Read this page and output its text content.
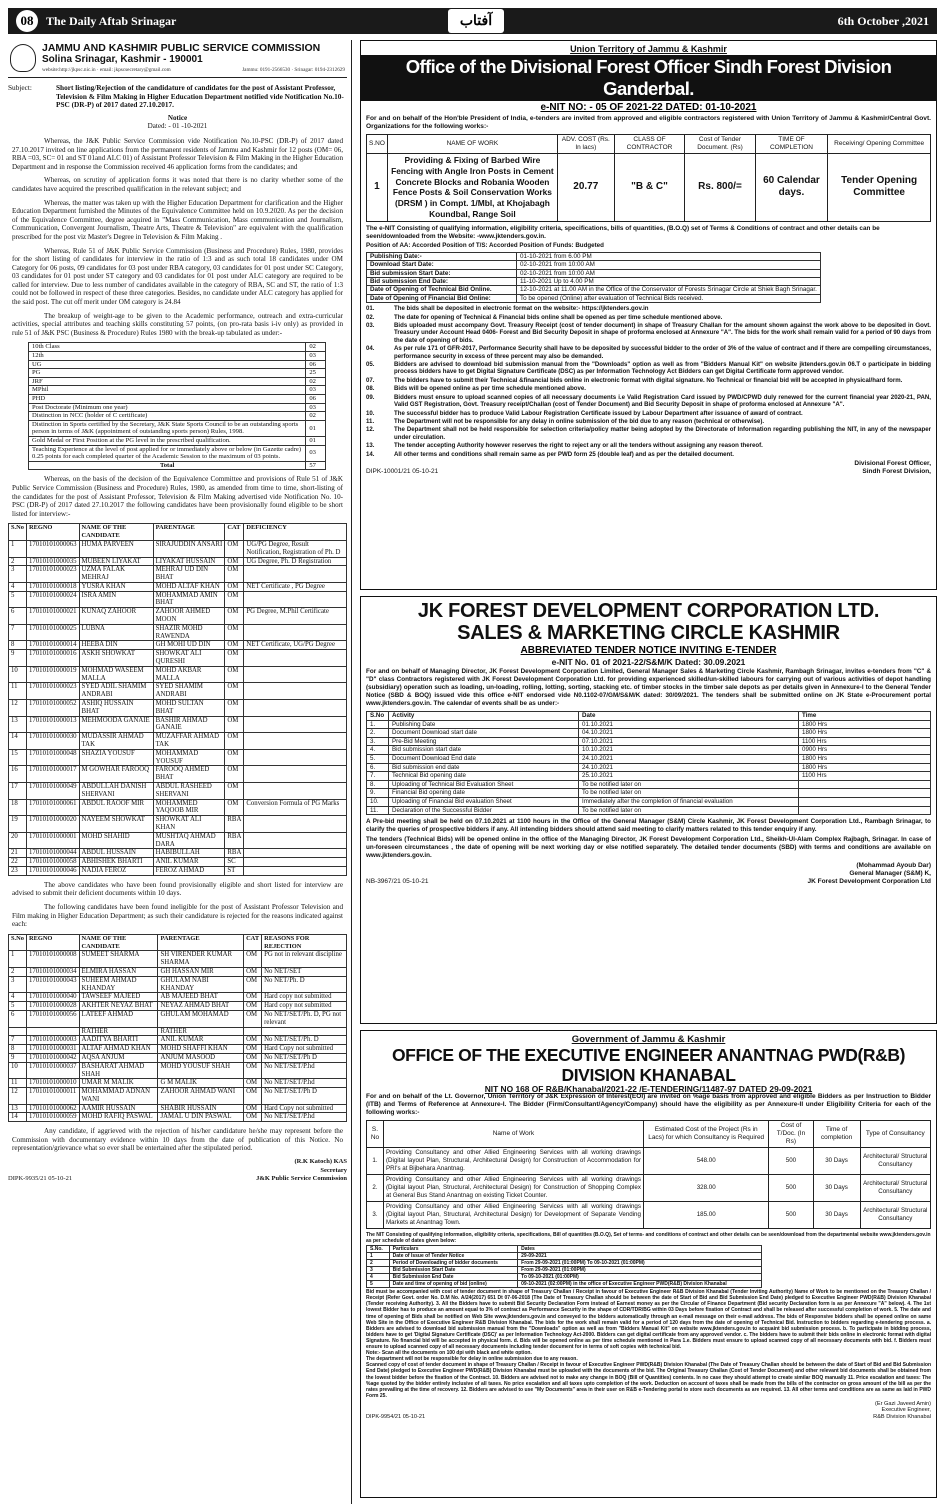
08	The Daily Aftab Srinagar	آفتاب	6th October ,2021
JAMMU AND KASHMIR PUBLIC SERVICE COMMISSION
Solina Srinagar, Kashmir - 190001
website:http://jkpsc.nic.in · email: jkpscsecretary@gmail.com	Jammu: 0191-2566530 · Srinagar: 0194-2312629
Subject:	Short listing/Rejection of the candidature of candidates for the post of Assistant Professor, Television & Film Making in Higher Education Department notified vide Notification No.10-PSC (DR-P) of 2017 dated 27.10.2017.
Notice
Dated: - 01 -10-2021
Whereas, the J&K Public Service Commission vide Notification No.10-PSC (DR-P) of 2017 dated 27.10.2017 invited on line applications from the permanent residents of Jammu and Kashmir for 12 posts (OM= 06, RBA =03, SC= 01 and ST 01and ALC 01) of Assistant Professor Television & Film Making in the Higher Education Department and in response the Commission received 46 application forms from the candidates; and
Whereas, on scrutiny of application forms it was noted that there is no clarity whether some of the candidates have acquired the prescribed qualification in the relevant subject; and
Whereas, the matter was taken up with the Higher Education Department for clarification and the Higher Education Department furnished the Minutes of the Equivalence Committee held on 10.9.2020. As per the decision of the Equivalence Committee, degree acquired in "Mass Communication, Mass communication and Journalism, Communication, Convergent Journalism, Theatre Arts, Theatre & Television" are equivalent with the qualification prescribed for the post viz Master's Degree in Television & Film Making .
Whereas, Rule 51 of J&K Public Service Commission (Business and Procedure) Rules, 1980, provides for the short listing of candidates for interview in the ratio of 1:3 and as such total 18 candidates under OM Category for 06 posts, 09 candidates for 03 post under RBA category, 03 candidates for 01 post under SC Category, 03 candidates for 01 post under ST category and 03 candidates for 01 post under ALC category are required to be called for interview. Due to less number of candidates available in the category of RBA, SC and ST, the ratio of 1:3 could not be followed in respect of these three categories. Besides, no candidate under ALC category has applied for the said post. The cut off merit under OM category is 24.84
The breakup of weight-age to be given to the Academic performance, outreach and extra-curricular activities, special attributes and teaching skills constituting 57 points, (on pro-rata basis i-iv only) as provided in rule 51 of J&K PSC (Business & Procedure) Rules 1980 with the break-up tabulated as under:-
10th Class	02
12th	03
UG	06
PG	25
JRF	02
MPhil	03
PHD	06
Post Doctorate (Minimum one year)	03
Distinction in NCC (holder of C certificate)	02
Distinction in Sports certified by the Secretary, J&K State Sports Council to be an outstanding sports person in terms of J&K (appointment of outstanding sports person) Rules, 1998.	01
Gold Medal or First Position at the PG level in the prescribed qualification.	01
Teaching Experience at the level of post applied for or immediately above or below (in Gazette cadre) 0.25 points for each completed quarter of the Academic Session to the maximum of 03 points.	03
Total	57
Whereas, on the basis of the decision of the Equivalence Committee and provisions of Rule 51 of J&K Public Service Commission (Business and Procedure) Rules, 1980, as amended from time to time, short-listing of the candidates for the post of Assistant Professor, Television & Film Making advertised vide Notification No. 10-PSC (DR-P) of 2017 dated 27.10.2017 the following candidates have been provisionally found eligible to be short listed for interview:-
S.No	REGNO	NAME OF THE CANDIDATE	PARENTAGE	CAT	DEFICIENCY
1	17010101000063	HUMA PARVEEN	SIRAJUDDIN ANSARI	OM	UG/PG Degree, Result Notification, Registration of Ph. D
2	17010101000035	MUBEEN LIYAKAT	LIYAKAT HUSSAIN	OM	UG Degree, Ph. D Registration
3	17010101000023	UZMA FALAK MEHRAJ	MEHRAJ UD DIN BHAT	OM	
4	17010101000018	YUSRA KHAN	MOHD ALTAF KHAN	OM	NET Certificate , PG Degree
5	17010101000024	ISRA AMIN	MOHAMMAD AMIN BHAT	OM	
6	17010101000021	KUNAQ ZAHOOR	ZAHOOR AHMED MOON	OM	PG Degree, M.Phil Certificate
7	17010101000025	LUBNA	SHAZIR MOHD RAWENDA	OM	
8	17010101000014	HEEBA DIN	GH MOHI UD DIN	OM	NET Certificate, UG/PG Degree
9	17010101000016	ASKH SHOWKAT	SHOWKAT ALI QURESHI	OM	
10	17010101000019	MOHMAD WASEEM MALLA	MOHD AKBAR MALLA	OM	
11	17010101000023	SYED ADIL SHAMIM ANDRABI	SYED SHAMIM ANDRABI	OM	
12	17010101000052	ASHIQ HUSSAIN BHAT	MOHD SULTAN BHAT	OM	
13	17010101000013	MEHMOODA GANAIE	BASHIR AHMAD GANAIE	OM	
14	17010101000030	MUDASSIR AHMAD TAK	MUZAFFAR AHMAD TAK	OM	
15	17010101000048	SHAZIA YOUSUF	MOHAMMAD YOUSUF	OM	
16	17010101000017	M GOWHAR FAROOQ	FAROOQ AHMED BHAT	OM	
17	17010101000049	ABDULLAH DANISH SHERVANI	ABDUL RASHEED SHERVANI	OM	
18	17010101000061	ABDUL RAOOF MIR	MOHAMMED YAQOOB MIR	OM	Conversion Formula of PG Marks
19	17010101000020	NAYEEM SHOWKAT	SHOWKAT ALI KHAN	RBA	
20	17010101000001	MOHD SHAHID	MUSHTAQ AHMAD DARA	RBA	
21	17010101000044	ABDUL HUSSAIN	HABIBULLAH	RBA	
22	17010101000058	ABHISHEK BHARTI	ANIL KUMAR	SC	
23	17010101000046	NADIA FEROZ	FEROZ AHMAD	ST	
The above candidates who have been found provisionally eligible and short listed for interview are advised to submit their deficient documents within 10 days.
The following candidates have been found ineligible for the post of Assistant Professor Television and Film making in Higher Education Department; as such their candidature is rejected for the reasons indicated against each:
S.No	REGNO	NAME OF THE CANDIDATE	PARENTAGE	CAT	REASONS FOR REJECTION
1	17010101000008	SUMEET SHARMA	SH VIRENDER KUMAR SHARMA	OM	PG not in relevant discipline
2	17010101000034	ELMIRA HASSAN	GH HASSAN MIR	OM	No NET/SET
3	17010101000043	SUHEEM AHMAD KHANDAY	GHULAM NABI KHANDAY	OM	No NET/Ph. D
4	17010101000040	TAWSEEF MAJEED	AB MAJEED BHAT	OM	Hard copy not submitted
5	17010101000028	AKHTER NEYAZ BHAT	NEYAZ AHMAD BHAT	OM	Hard copy not submitted
6	17010101000056	LATEEF AHMAD	GHULAM MOHAMAD	OM	No NET/SET/Ph. D, PG not relevant
		RATHER	RATHER		
7	17010101000003	AADITYA BHARTI	ANIL KUMAR	OM	No NET/SET/Ph. D
8	17010101000031	ALTAF AHMAD KHAN	MOHD SHAFFI KHAN	OM	Hard Copy not submitted
9	17010101000042	AQSA ANJUM	ANJUM MASOOD	OM	No NET/SET/Ph D
10	17010101000037	BASHARAT AHMAD SHAH	MOHD YOUSUF SHAH	OM	No NET/SET/P.hd
11	17010101000010	UMAR M MALIK	G M MALIK	OM	No NET/SET/P.hd
12	17010101000011	MOHAMMAD ADNAN WANI	ZAHOOR AHMAD WANI	OM	No NET/SET/Ph D
13	17010101000062	AAMIR HUSSAIN	SHABIR HUSSAIN	OM	Hard Copy not submitted
14	17010101000059	MOHD RAFIQ PASWAL	JAMAL U DIN PASWAL	OM	No NET/SET/P.hd
Any candidate, if aggrieved with the rejection of his/her candidature he/she may represent before the Commission with documentary evidence within 10 days from the date of publication of this Notice. No representation/grievance what so ever shall be entertained after the stipulated period.
DIPK-9935/21 05-10-21
(R.K Katoch) KAS
Secretary
J&K Public Service Commission
Union Territory of Jammu & Kashmir
Office of the Divisional Forest Officer Sindh Forest Division Ganderbal.
e-NIT NO: - 05 OF 2021-22 DATED: 01-10-2021
For and on behalf of the Hon'ble President of India, e-tenders are invited from approved and eligible contractors registered with Union Territory of Jammu & Kashmir/Central Govt. Organizations for the following works:-
S.NO	NAME OF WORK	ADV. COST (Rs. In lacs)	CLASS OF CONTRACTOR	Cost of Tender Document. (Rs)	TIME OF COMPLETION	Receiving/ Opening Committee
1	Providing & Fixing of Barbed Wire Fencing with Angle Iron Posts in Cement Concrete Blocks and Robania Wooden Fence Posts & Soil Conservation Works (DRSM ) in Compt. 1/Mbl, at Khojabagh Koundbal, Range Soil	20.77	"B & C"	Rs. 800/=	60 Calendar days.	Tender Opening Committee
The e-NIT Consisting of qualifying information, eligibility criteria, specifications, bills of quantities, (B.O.Q) set of Terms & Conditions of contract and other details can be seen/downloaded from the Website: -www.jktenders.gov.in.
Position of AA: Accorded Position of T/S: Accorded Position of Funds: Budgeted
Publishing Date:-	01-10-2021 from 6.00 PM
Download Start Date:	02-10-2021 from 10:00 AM
Bid submission Start Date:	02-10-2021 from 10:00 AM
Bid submission End Date:	11-10-2021 Up to 4.00 PM
Date of Opening of Technical Bid Online.	12-10-2021 at 11.00 AM in the Office of the Conservator of Forests Srinagar Circle at Shiek Bagh Srinagar.
Date of Opening of Financial Bid Online:	To be opened (Online) after evaluation of Technical Bids received.
01.	The bids shall be deposited in electronic format on the website:- https://jktenders.gov.in
02.	The date for opening of Technical & Financial bids online shall be opened as per time schedule mentioned above.
03.	Bids uploaded must accompany Govt. Treasury Receipt (cost of tender document) in shape of Treasury Challan for the amount shown against the work above to be deposited in Govt. Treasury under Account Head 0406- Forest and Bid Security Deposit in shape of proforma enclosed at Annexure "A". The bids for the work shall remain valid for a period of 90 days from the date of opening of bids.
04.	As per rule 171 of GFR-2017, Performance Security shall have to be deposited by successful bidder to the order of 3% of the value of contract and if there are compelling circumstances, performance security in excess of three percent may also be demanded.
05.	Bidders are advised to download bid submission manual from the "Downloads" option as well as from "Bidders Manual Kit" on website jktenders.gov.in 06.T o participate in bidding process bidders have to get Digital Signature Certificate (DSC) as per Information Technology Act Bidders can get Digital Certificate form approved vendor.
07.	The bidders have to submit their Technical &financial bids online in electronic format with digital signature. No Technical or financial bid will be accepted in physical/hard form.
08.	Bids will be opened online as per time schedule mentioned above.
09.	Bidders must ensure to upload scanned copies of all necessary documents i.e Valid Registration Card issued by PWD/CPWD duly renewed for the current financial year 2020-21, PAN, Valid GST Registration, Govt. Treasury receipt/Challan (cost of Tender Document) and Bid Security Deposit in shape of proforma enclosed at Annexure "A".
10.	The successful bidder has to produce Valid Labour Registration Certificate issued by Labour Department after issuance of award of contract.
11.	The Department will not be responsible for any delay in online submission of the bid due to any reason (technical or otherwise).
12.	The Department shall not be held responsible for selection criteria/policy matter being adopted by the Directorate of Information regarding publishing the NIT, in any of the newspaper under circulation.
13.	The tender accepting Authority however reserves the right to reject any or all the tenders without assigning any reason thereof.
14.	All other terms and conditions shall remain same as per PWD form 25 (double leaf) and as per the detailed document.
DIPK-10001/21 05-10-21
Divisional Forest Officer,
Sindh Forest Division,
JK FOREST DEVELOPMENT CORPORATION LTD.
SALES & MARKETING CIRCLE KASHMIR
ABBREVIATED TENDER NOTICE INVITING E-TENDER
e-NIT No. 01 of 2021-22/S&M/K Dated: 30.09.2021
For and on behalf of Managing Director, JK Forest Development Corporation Limited, General Manager Sales & Marketing Circle Kashmir, Rambagh Srinagar, invites e-tenders from "C" & "D" class Contractors registered with JK Forest Development Corporation Ltd. for providing experienced skilled/un-skilled labours for carrying out of various activities of depot handling (subsidiary) operation such as loading, un-loading, rolling, lotting, sorting, stacking etc. of timber stocks in the timber sale depots as per details given in Annexure-I to the General Tender Notice (SBD & BOQ) issued vide this office e-NIT endorsed vide N0.1102-07/GM/S&M/K dated: 30/09/2021. The tenders shall be submitted online on JK State e-Procurement portal www.jktenders.gov.in. The calendar of events shall be as under:-
S.No	Activity	Date	Time
1.	Publishing Date	01.10.2021	1800 Hrs
2.	Document Download start date	04.10.2021	1800 Hrs
3.	Pre-Bid Meeting	07.10.2021	1100 Hrs
4.	Bid submission start date	10.10.2021	0900 Hrs
5.	Document Download End date	24.10.2021	1800 Hrs
6.	Bid submission end date	24.10.2021	1800 Hrs
7.	Technical Bid opening date	25.10.2021	1100 Hrs
8.	Uploading of Technical Bid Evaluation Sheet	To be notified later on	
9.	Financial Bid opening date	To be notified later on	
10.	Uploading of Financial Bid evaluation Sheet	Immediately after the completion of financial evaluation	
11.	Declaration of the Successful Bidder	To be notified later on	
A Pre-bid meeting shall be held on 07.10.2021 at 1100 hours in the Office of the General Manager (S&M) Circle Kashmir, JK Forest Development Corporation Ltd., Rambagh Srinagar, to clarify the queries of prospective bidders if any. All intending bidders should attend said meeting to clarify matters related to this tender enquiry if any.
The tenders (Technical Bids) will be opened online in the office of the Managing Director, JK Forest Development Corporation Ltd., Sheikh-Ul-Alam Complex Rajbagh, Srinagar. In case of un-foreseen circumstances , the date of opening will be next working day or else notified separately. The detailed tender documents (SBD) with terms and conditions are available on www.jktenders.gov.in.
NB-3967/21 05-10-21
(Mohammad Ayoub Dar)
General Manager (S&M) K,
JK Forest Development Corporation Ltd
Government of Jammu & Kashmir
OFFICE OF THE EXECUTIVE ENGINEER ANANTNAG PWD(R&B) DIVISION KHANABAL
NIT NO 168 OF R&B/Khanabal/2021-22 /E-TENDERING/11487-97 DATED 29-09-2021
For and on behalf of the Lt. Governor, Union Territory of J&K Expression of Interest(EOI) are invited on %age basis from approved and eligible Bidders as per Instruction to Bidder (ITB) and Terms of Reference at Annexure-I. The Bidder (Firm/Consultant/Agency/Company) should have the eligibility as per Annexure-II under Eligibility Criteria for each of the following works:-
S. No	Name of Work	Estimated Cost of the Project (Rs in Lacs) for which Consultancy is Required	Cost of T/Doc. (In Rs)	Time of completion	Type of Consultancy
1.	Providing Consultancy and other Allied Engineering Services with all working drawings (Digital layout Plan, Structural, Architectural Design) for Construction of Accommodation for PRI's at Bijbehara Anantnag.	548.00	500	30 Days	Architectural/ Structural Consultancy
2.	Providing Consultancy and other Allied Engineering Services with all working drawings (Digital layout Plan, Structural, Architectural Design) for Construction of Shopping Complex at General Bus Stand Anantnag on existing Ticket Counter.	328.00	500	30 Days	Architectural/ Structural Consultancy
3.	Providing Consultancy and other Allied Engineering Services with all working drawings (Digital layout Plan, Structural, Architectural Design) for Development of Separate Vending Markets at Anantnag Town.	185.00	500	30 Days	Architectural/ Structural Consultancy
The NIT Consisting of qualifying information, eligibility criteria, specifications, Bill of quantities (B.O.Q), Set of terms- and conditions of contract and other details can be seen/download from the departmental website www.jktenders.gov.in as per schedule of dates given below:
S.No.	Particulars	Dates
1	Date of Issue of Tender Notice	29-09-2021
2	Period of Downloading of bidder documents	From 29-09-2021 (01:00PM) To 09-10-2021 (01:00PM)
3	Bid Submission Start Date	From 29-09-2021 (01:00PM)
4	Bid Submission End Date	To 09-10-2021 (01:00PM)
5	Date and time of opening of bid (online)	09-10-2021 (02:00PM) in the office of Executive Engineer PWD(R&B) Division Khanabal
Bid must be accompanied with cost of tender document in shape of Treasury Challan / Receipt in favour of Executive Engineer R&B Division Khanabal (Tender Inviting Authority) Name of Work to be mentioned on the Treasury Challan / Receipt (Refer Govt. order No. D.M No. A/24(2017) 651 Dt 07-06-2018 (The Date of Treasury Challan should be between the date of Start of Bid and Bid Submission End Date) pledged to Executive Engineer PWD(R&B) Division Khanabal (Tender receiving Authority). 3. All the Bidders have to submit Bid Security Declaration Form instead of Earnest money as per the Circular of Finance Department (Bid security Declaration form is as per Annexure "A" below). 4. The 1st lowest Bidder has to produce an amount equal to 3% of contract as Performance Security in the shape of CDR/TDR/BG within 03 Days before fixation of Contract and shall be released after successful completion of work. 5. The date and time of opening of Bids shall be notified on Web Site www.jktenders.gov.in and conveyed to the bidders automatically through an e-mail message on their e-mail address. The bids of Responsive bidders shall be opened online on same Web Site in the Office of Executive Engineer R&B Division Khanabal. The bids for the work shall remain valid for a period of 120 days from the date of opening of Technical Bid. Instruction to bidders regarding e-tendering process. a. Bidders are advised to download bid submission manual from the "Downloads" option as well as from "Bidders Manual Kit" on website www.jktenders.gov.in to acquaint bid submission process. b. To participate in bidding process, bidders have to get 'Digital Signature Certificate (DSC)' as per Information Technology Act-2000. Bidders can get digital certificate from any approved vendor. c. The bidders have to submit their bids online in electronic format with digital Signature. No financial bid will be accepted in physical form. d. Bids will be opened online as per time schedule mentioned in Para 1.e. Bidders must ensure to upload scanned copy of all necessary documents with bid. f. Bidders must ensure to upload scanned copy of all necessary documents including tender document for in terms of soft copies with technical bid.
Note:- Scan all the documents on 100 dpi with black and white option.
The department will not be responsible for delay in online submission due to any reason.
Scanned copy of cost of tender document in shape of Treasury Challan / Receipt in favour of Executive Engineer PWD(R&B) Division Khanabal (The Date of Treasury Challan should be between the date of Start of Bid and Bid Submission End Date) pledged to Executive Engineer PWD(R&B) Division Khanabal must be uploaded with the documents of the bid. The Original Treasury Challan (Cost of Tender Document) and other relevant bid documents shall be obtained from the lowest bidder before the fixation of the Contract. 10. Bidders are advised not to make any change in BOQ (Bill of Quantities) contents. In no case they should attempt to create similar BOQ manually 11. Price escalation and taxes: The %age quoted by the bidder entirely inclusive of all taxes. No price escalation and all taxes upto completion of the work. Deduction on account of taxes shall be made from the bills of the contractor on gross amount of the bill as per the rates prevailing at the time of recovery. 12. Bidders are advised to use "My Documents" area in their user on R&B e-Tendering portal to store such documents as are required. 13. All other terms and conditions are as same as laid in PWD Form 25.
DIPK-9954/21 05-10-21
(Er Gazi Javeed Amin)
Executive Engineer,
R&B Division Khanabal
